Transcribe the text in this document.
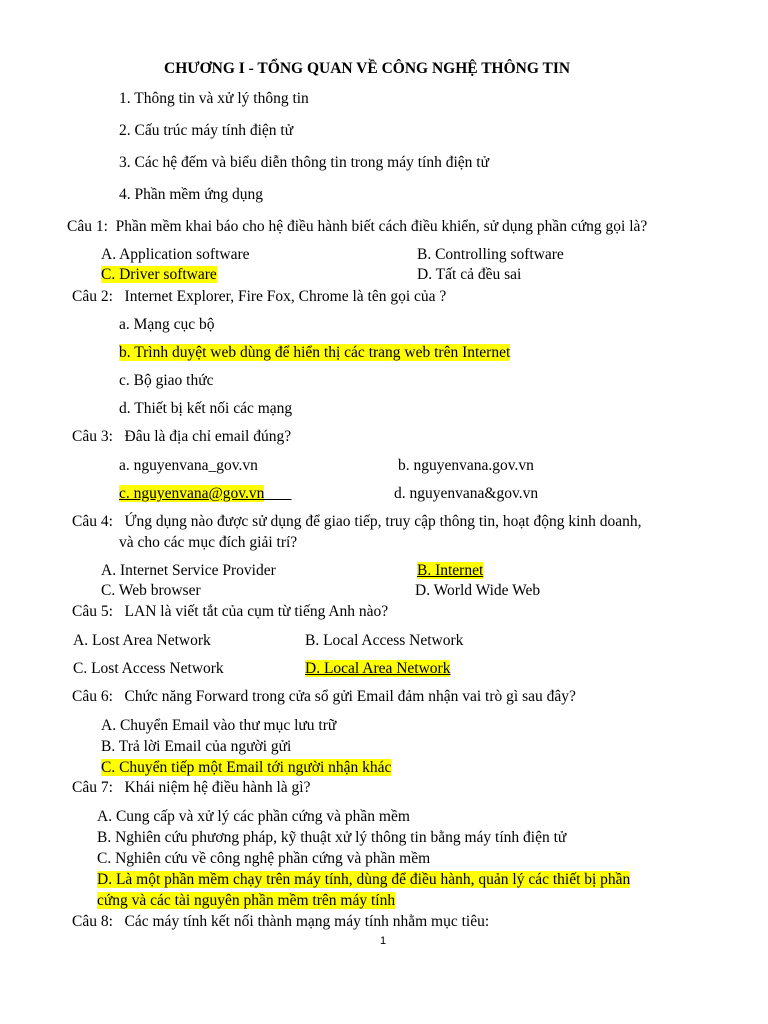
CHƯƠNG I - TỔNG QUAN VỀ CÔNG NGHỆ THÔNG TIN
1. Thông tin và xử lý thông tin
2. Cấu trúc máy tính điện tử
3. Các hệ đếm và biểu diễn thông tin trong máy tính điện tử
4. Phần mềm ứng dụng
Câu 1: Phần mềm khai báo cho hệ điều hành biết cách điều khiển, sử dụng phần cứng gọi là?
A. Application software	B. Controlling software
C. Driver software	D. Tất cả đều sai
Câu 2: Internet Explorer, Fire Fox, Chrome là tên gọi của ?
a. Mạng cục bộ
b. Trình duyệt web dùng để hiển thị các trang web trên Internet
c. Bộ giao thức
d. Thiết bị kết nối các mạng
Câu 3: Đâu là địa chỉ email đúng?
a. nguyenvana_gov.vn	b. nguyenvana.gov.vn
c. nguyenvana@gov.vn	d. nguyenvana&gov.vn
Câu 4: Ứng dụng nào được sử dụng để giao tiếp, truy cập thông tin, hoạt động kinh doanh,
và cho các mục đích giải trí?
A. Internet Service Provider	B. Internet
C. Web browser	D. World Wide Web
Câu 5: LAN là viết tắt của cụm từ tiếng Anh nào?
A. Lost Area Network	B. Local Access Network
C. Lost Access Network	D. Local Area Network
Câu 6: Chức năng Forward trong cửa sổ gửi Email đảm nhận vai trò gì sau đây?
A. Chuyển Email vào thư mục lưu trữ
B. Trả lời Email của người gửi
C. Chuyển tiếp một Email tới người nhận khác
Câu 7: Khái niệm hệ điều hành là gì?
A. Cung cấp và xử lý các phần cứng và phần mềm
B. Nghiên cứu phương pháp, kỹ thuật xử lý thông tin bằng máy tính điện tử
C. Nghiên cứu về công nghệ phần cứng và phần mềm
D. Là một phần mềm chạy trên máy tính, dùng để điều hành, quản lý các thiết bị phần
cứng và các tài nguyên phần mềm trên máy tính
Câu 8: Các máy tính kết nối thành mạng máy tính nhằm mục tiêu:
1
